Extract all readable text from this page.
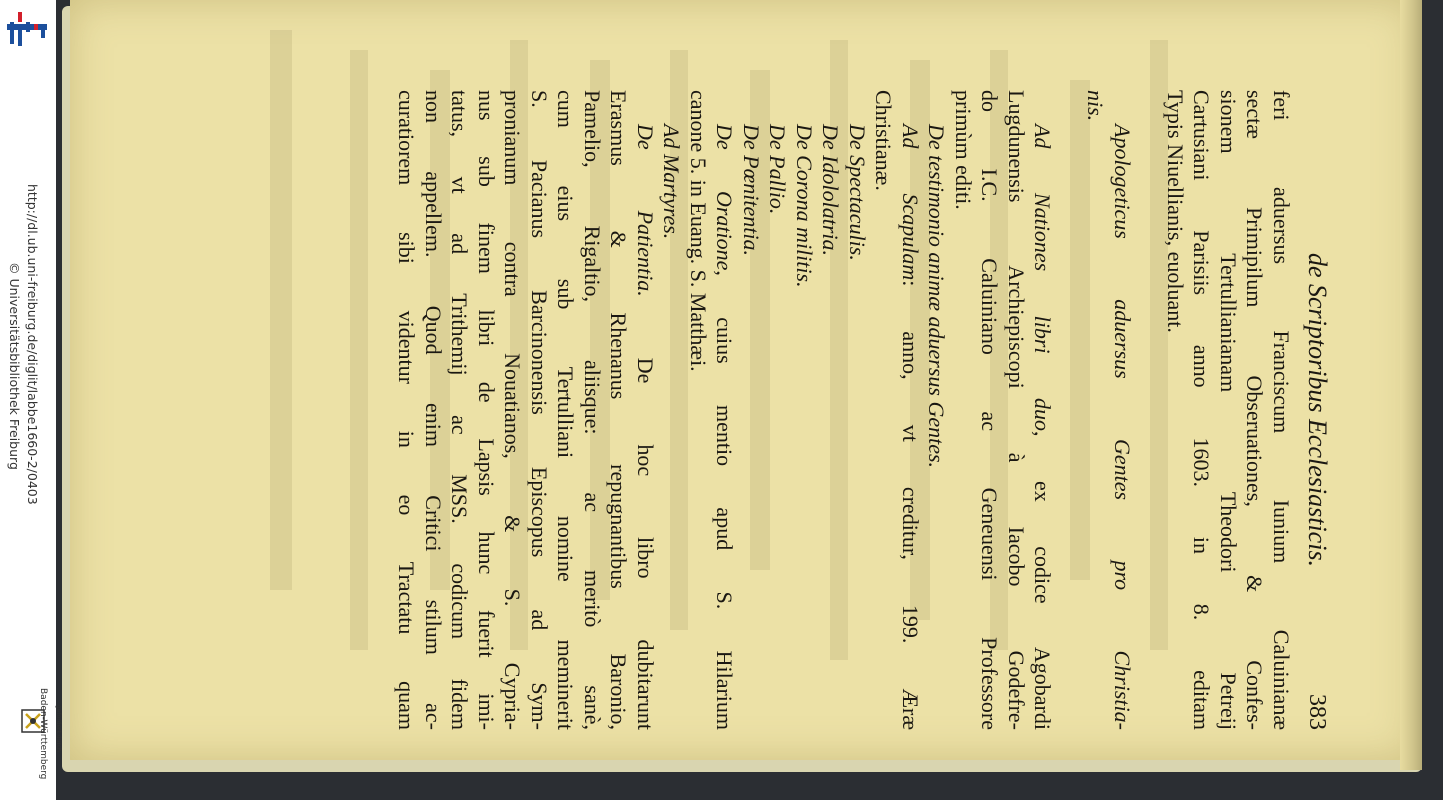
http://dl.ub.uni-freiburg.de/diglit/labbe1660-2/0403
© Universitätsbibliothek Freiburg
gefördert durch
Baden-Württemberg
de Scriptoribus Ecclesiasticis.
383
feri aduersus Franciscum Iunium Caluinianæ
sectæ Primipilum Obseruationes, & Confes-
sionem Tertullianianam Theodori Petreij
Cartusiani Parisiis anno 1603. in 8. editam
Typis Niuellianis, euoluant.
Apologeticus aduersus Gentes pro Christia-
nis.
Ad Nationes libri duo, ex codice Agobardi
Lugdunensis Archiepiscopi à Iacobo Godefre-
do I.C. Caluiniano ac Geneuensi Professore
primùm editi.
De testimonio animæ aduersus Gentes.
Ad Scapulam: anno, vt creditur, 199. Æræ
Christianæ.
De Spectaculis.
De Idololatria.
De Corona militis.
De Pallio.
De Pœnitentia.
De Oratione, cuius mentio apud S. Hilarium
canone 5. in Euang. S. Matthæi.
Ad Martyres.
De Patientia. De hoc libro dubitarunt
Erasmus & Rhenanus repugnantibus Baronio,
Pamelio, Rigaltio, aliisque: ac meritò sanè,
cum eius sub Tertulliani nomine meminerit
S. Pacianus Barcinonensis Episcopus ad Sym-
pronianum contra Nouatianos, & S. Cypria-
nus sub finem libri de Lapsis hunc fuerit imi-
tatus, vt ad Trithemij ac MSS. codicum fidem
non appellem. Quod enim Critici stilum ac-
curatiorem sibi videntur in eo Tractatu quam
